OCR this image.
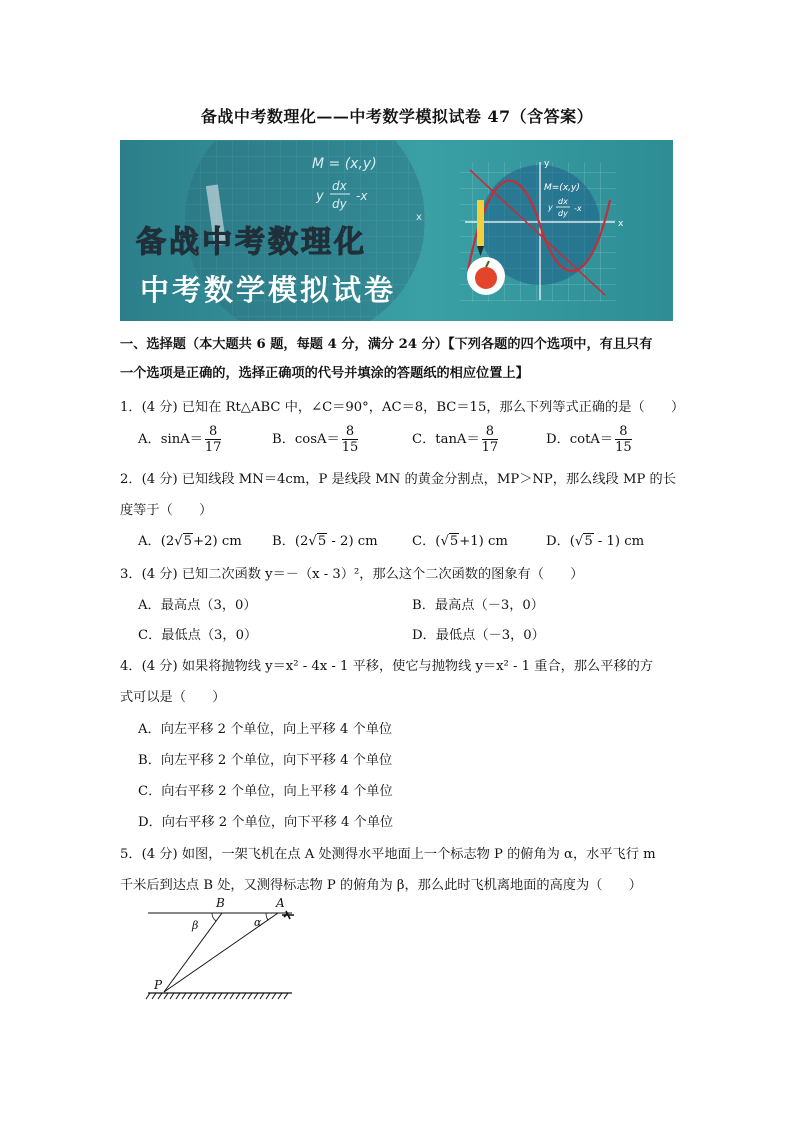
备战中考数理化——中考数学模拟试卷 47（含答案）
M = (x,y)
y
dx
dy
-x
x
备战中考数理化
中考数学模拟试卷
x
y
M=(x,y)
y
dx
dy
-x
一、选择题（本大题共 6 题，每题 4 分，满分 24 分）【下列各题的四个选项中，有且只有
一个选项是正确的，选择正确项的代号并填涂的答题纸的相应位置上】
1．(4 分) 已知在 Rt△ABC 中，∠C＝90°，AC＝8，BC＝15，那么下列等式正确的是（　　）
A．$\sin A= \frac{8}{17}$	B．$\cos A= \frac{8}{15}$	C．$\tan A= \frac{8}{17}$	D．$\cot A= \frac{8}{15}$
2．(4 分) 已知线段 MN＝4cm，P 是线段 MN 的黄金分割点，MP＞NP，那么线段 MP 的长
度等于（　　）
A．(2√5+2) cm B．(2√5 - 2) cm	C．(√5+1) cm	D．(√5 - 1) cm
3．(4 分) 已知二次函数 y＝－（x - 3）²，那么这个二次函数的图象有（　　）
A．最高点（3，0）	B．最高点（－3，0）
C．最低点（3，0）	D．最低点（－3，0）
4．(4 分) 如果将抛物线 y＝x² - 4x - 1 平移，使它与抛物线 y＝x² - 1 重合，那么平移的方
式可以是（　　）
A．向左平移 2 个单位，向上平移 4 个单位
B．向左平移 2 个单位，向下平移 4 个单位
C．向右平移 2 个单位，向上平移 4 个单位
D．向右平移 2 个单位，向下平移 4 个单位
5．(4 分) 如图，一架飞机在点 A 处测得水平地面上一个标志物 P 的俯角为 α，水平飞行 m
千米后到达点 B 处，又测得标志物 P 的俯角为 β，那么此时飞机离地面的高度为（　　）
B	A
α
β
P
